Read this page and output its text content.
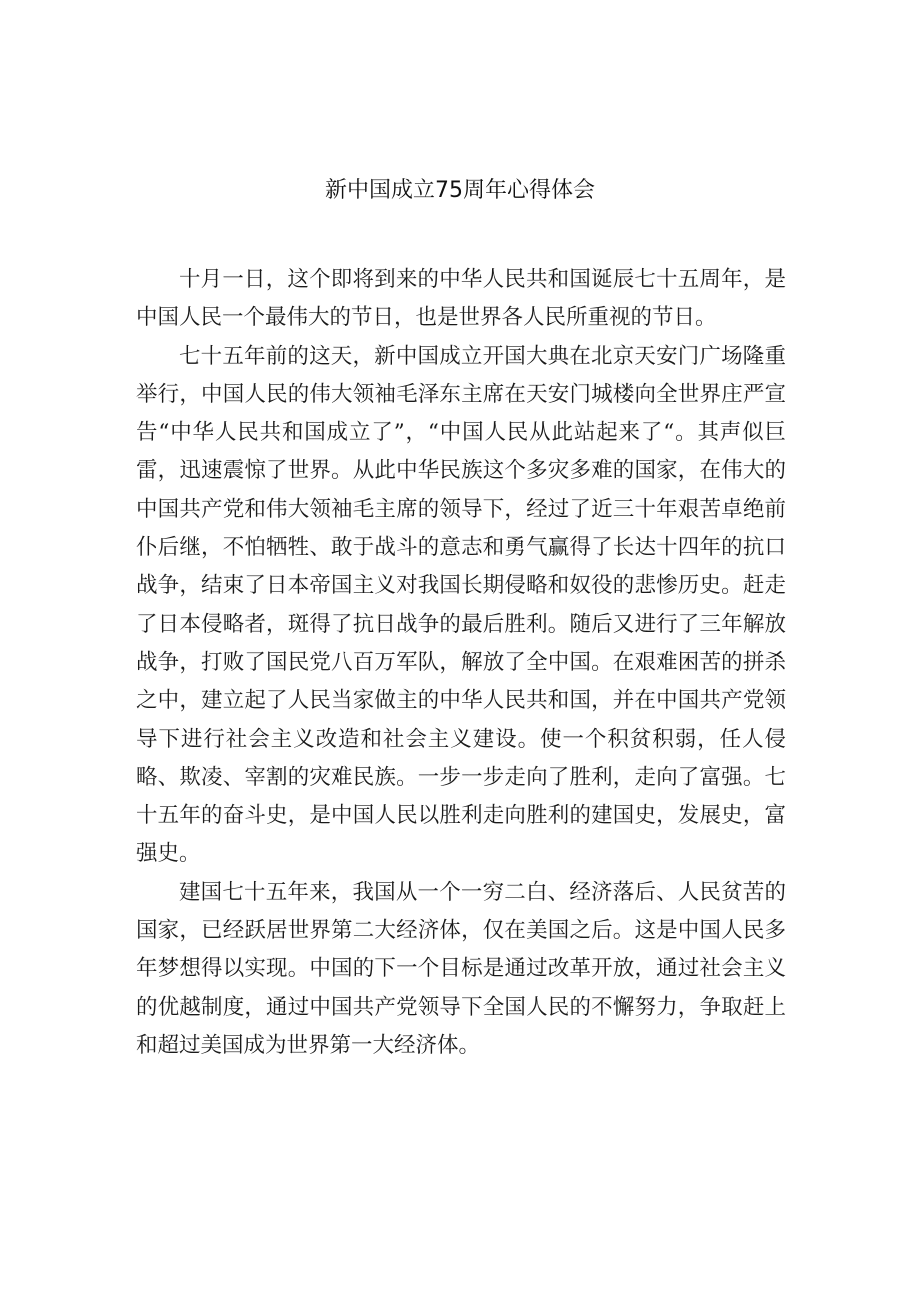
新中国成立75周年心得体会

十月一日，这个即将到来的中华人民共和国诞辰七十五周年，是中国人民一个最伟大的节日，也是世界各人民所重视的节日。

七十五年前的这天，新中国成立开国大典在北京天安门广场隆重举行，中国人民的伟大领袖毛泽东主席在天安门城楼向全世界庄严宣告“中华人民共和国成立了”，“中国人民从此站起来了“。其声似巨雷，迅速震惊了世界。从此中华民族这个多灾多难的国家，在伟大的中国共产党和伟大领袖毛主席的领导下，经过了近三十年艰苦卓绝前仆后继，不怕牺牲、敢于战斗的意志和勇气赢得了长达十四年的抗口战争，结束了日本帝国主义对我国长期侵略和奴役的悲惨历史。赶走了日本侵略者，斑得了抗日战争的最后胜利。随后又进行了三年解放战争，打败了国民党八百万军队，解放了全中国。在艰难困苦的拼杀之中，建立起了人民当家做主的中华人民共和国，并在中国共产党领导下进行社会主义改造和社会主义建设。使一个积贫积弱，任人侵略、欺凌、宰割的灾难民族。一步一步走向了胜利，走向了富强。七十五年的奋斗史，是中国人民以胜利走向胜利的建国史，发展史，富强史。

建国七十五年来，我国从一个一穷二白、经济落后、人民贫苦的国家，已经跃居世界第二大经济体，仅在美国之后。这是中国人民多年梦想得以实现。中国的下一个目标是通过改革开放，通过社会主义的优越制度，通过中国共产党领导下全国人民的不懈努力，争取赶上和超过美国成为世界第一大经济体。
